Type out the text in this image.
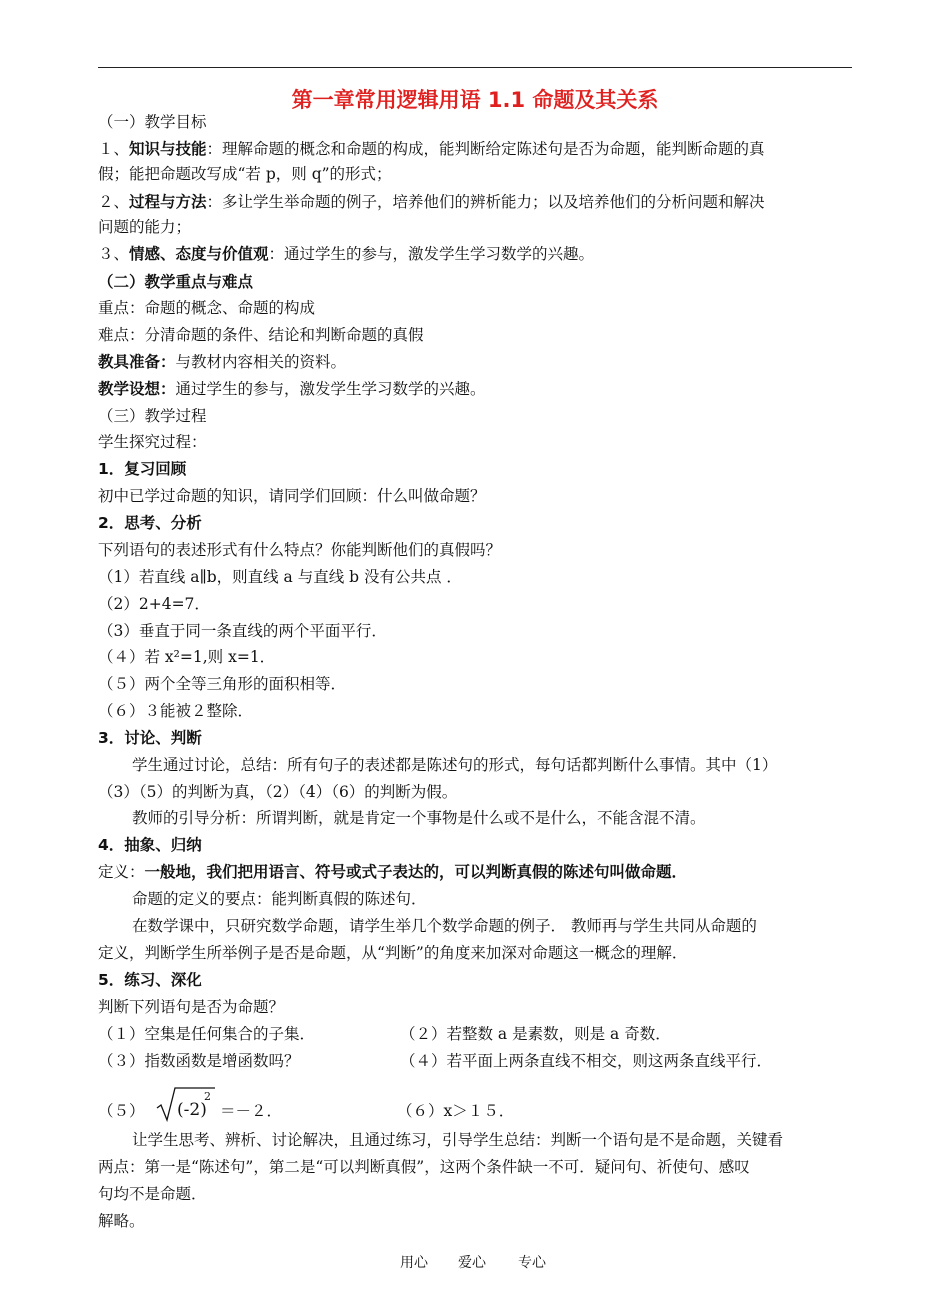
第一章常用逻辑用语 1.1 命题及其关系
（一）教学目标
１、知识与技能：理解命题的概念和命题的构成，能判断给定陈述句是否为命题，能判断命题的真
假；能把命题改写成“若 p，则 q”的形式；
２、过程与方法：多让学生举命题的例子，培养他们的辨析能力；以及培养他们的分析问题和解决
问题的能力；
３、情感、态度与价值观：通过学生的参与，激发学生学习数学的兴趣。
（二）教学重点与难点
重点：命题的概念、命题的构成
难点：分清命题的条件、结论和判断命题的真假
教具准备：与教材内容相关的资料。
教学设想：通过学生的参与，激发学生学习数学的兴趣。
（三）教学过程
学生探究过程：
1．复习回顾
初中已学过命题的知识，请同学们回顾：什么叫做命题？
2．思考、分析
下列语句的表述形式有什么特点？你能判断他们的真假吗？
（1）若直线 a∥b，则直线 a 与直线 b 没有公共点 ．
（2）2+4=7．
（3）垂直于同一条直线的两个平面平行．
（４）若 x²=1,则 x=1．
（５）两个全等三角形的面积相等．
（６）３能被２整除．
3．讨论、判断
学生通过讨论，总结：所有句子的表述都是陈述句的形式，每句话都判断什么事情。其中（1）
（3）（5）的判断为真，（2）（4）（6）的判断为假。
教师的引导分析：所谓判断，就是肯定一个事物是什么或不是什么，不能含混不清。
4．抽象、归纳
定义：一般地，我们把用语言、符号或式子表达的，可以判断真假的陈述句叫做命题．
命题的定义的要点：能判断真假的陈述句．
在数学课中，只研究数学命题，请学生举几个数学命题的例子． 教师再与学生共同从命题的
定义，判断学生所举例子是否是命题，从“判断”的角度来加深对命题这一概念的理解．
5．练习、深化
判断下列语句是否为命题？
（１）空集是任何集合的子集．	（２）若整数 a 是素数，则是 a 奇数．
（３）指数函数是增函数吗？	（４）若平面上两条直线不相交，则这两条直线平行．
（５） (-2)
2
＝－２．	（６）x＞１５．
让学生思考、辨析、讨论解决，且通过练习，引导学生总结：判断一个语句是不是命题，关键看
两点：第一是“陈述句”，第二是“可以判断真假”，这两个条件缺一不可．疑问句、祈使句、感叹
句均不是命题．
解略。
用心 爱心 专心
